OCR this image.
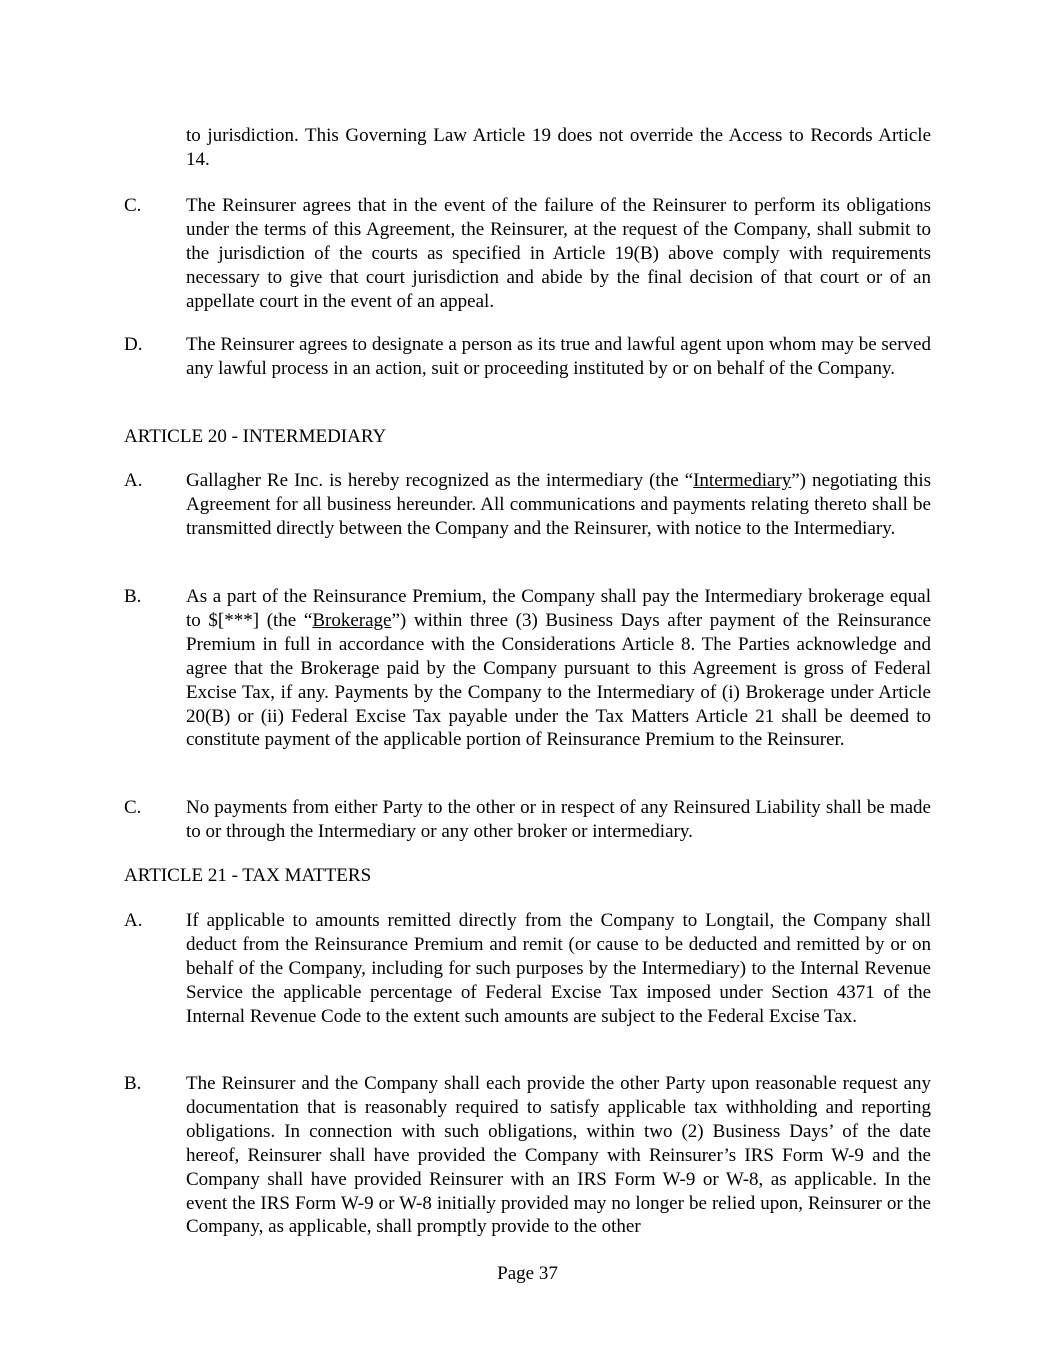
to jurisdiction. This Governing Law Article 19 does not override the Access to Records Article 14.

C.	The Reinsurer agrees that in the event of the failure of the Reinsurer to perform its obligations under the terms of this Agreement, the Reinsurer, at the request of the Company, shall submit to the jurisdiction of the courts as specified in Article 19(B) above comply with requirements necessary to give that court jurisdiction and abide by the final decision of that court or of an appellate court in the event of an appeal.

D.	The Reinsurer agrees to designate a person as its true and lawful agent upon whom may be served any lawful process in an action, suit or proceeding instituted by or on behalf of the Company.

ARTICLE 20 - INTERMEDIARY
A.	Gallagher Re Inc. is hereby recognized as the intermediary (the “Intermediary”) negotiating this Agreement for all business hereunder. All communications and payments relating thereto shall be transmitted directly between the Company and the Reinsurer, with notice to the Intermediary.

B.	As a part of the Reinsurance Premium, the Company shall pay the Intermediary brokerage equal to $[***] (the “Brokerage”) within three (3) Business Days after payment of the Reinsurance Premium in full in accordance with the Considerations Article 8. The Parties acknowledge and agree that the Brokerage paid by the Company pursuant to this Agreement is gross of Federal Excise Tax, if any. Payments by the Company to the Intermediary of (i) Brokerage under Article 20(B) or (ii) Federal Excise Tax payable under the Tax Matters Article 21 shall be deemed to constitute payment of the applicable portion of Reinsurance Premium to the Reinsurer.

C.	No payments from either Party to the other or in respect of any Reinsured Liability shall be made to or through the Intermediary or any other broker or intermediary.

ARTICLE 21 - TAX MATTERS
A.	If applicable to amounts remitted directly from the Company to Longtail, the Company shall deduct from the Reinsurance Premium and remit (or cause to be deducted and remitted by or on behalf of the Company, including for such purposes by the Intermediary) to the Internal Revenue Service the applicable percentage of Federal Excise Tax imposed under Section 4371 of the Internal Revenue Code to the extent such amounts are subject to the Federal Excise Tax.

B.	The Reinsurer and the Company shall each provide the other Party upon reasonable request any documentation that is reasonably required to satisfy applicable tax withholding and reporting obligations. In connection with such obligations, within two (2) Business Days’ of the date hereof, Reinsurer shall have provided the Company with Reinsurer’s IRS Form W-9 and the Company shall have provided Reinsurer with an IRS Form W-9 or W-8, as applicable. In the event the IRS Form W-9 or W-8 initially provided may no longer be relied upon, Reinsurer or the Company, as applicable, shall promptly provide to the other

Page 37
